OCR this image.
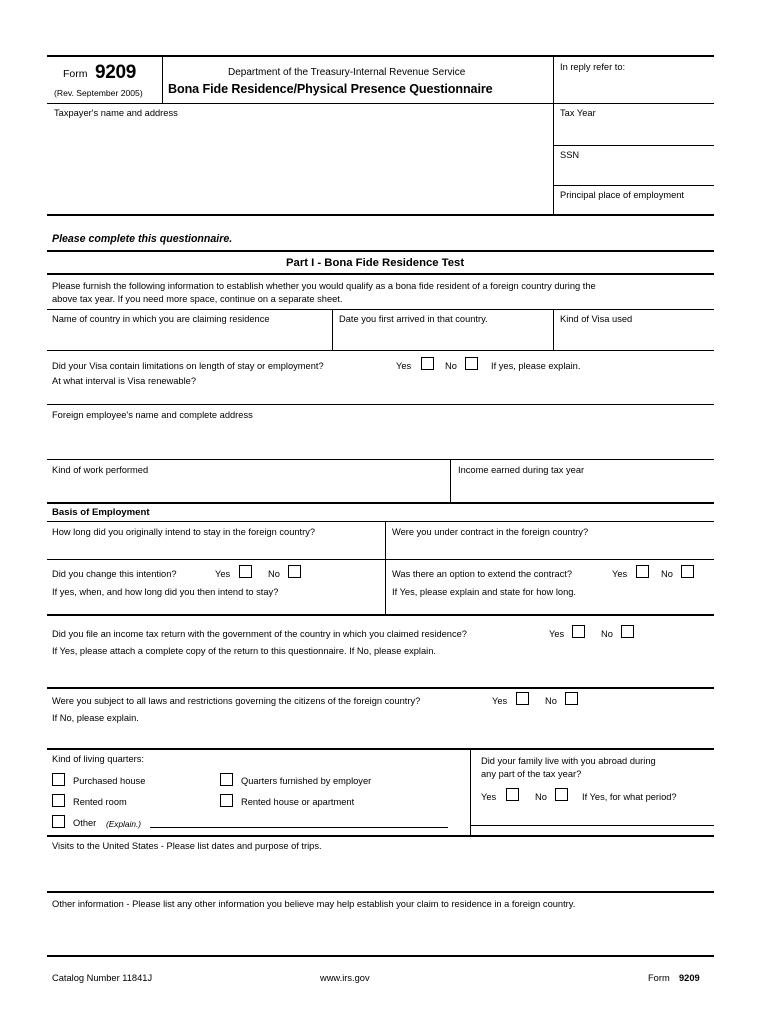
Form 9209
(Rev. September 2005)
Department of the Treasury-Internal Revenue Service
Bona Fide Residence/Physical Presence Questionnaire
In reply refer to:
Tax Year
SSN
Principal place of employment
Taxpayer's name and address
Please complete this questionnaire.
Part I - Bona Fide Residence Test
Please furnish the following information to establish whether you would qualify as a bona fide resident of a foreign country during the
above tax year. If you need more space, continue on a separate sheet.
Name of country in which you are claiming residence	Date you first arrived in that country.	Kind of Visa used
Did your Visa contain limitations on length of stay or employment?	Yes	No	If yes, please explain.
At what interval is Visa renewable?
Foreign employee's name and complete address
Kind of work performed	Income earned during tax year
Basis of Employment
How long did you originally intend to stay in the foreign country?	Were you under contract in the foreign country?
Did you change this intention?	Yes	No
If yes, when, and how long did you then intend to stay?
Was there an option to extend the contract?	Yes	No
If Yes, please explain and state for how long.
Did you file an income tax return with the government of the country in which you claimed residence?	Yes	No
If Yes, please attach a complete copy of the return to this questionnaire. If No, please explain.
Were you subject to all laws and restrictions governing the citizens of the foreign country?	Yes	No
If No, please explain.
Kind of living quarters:
Purchased house
Rented room
Other (Explain.)
Quarters furnished by employer
Rented house or apartment
Did your family live with you abroad during
any part of the tax year?
Yes	No	If Yes, for what period?
Visits to the United States - Please list dates and purpose of trips.
Other information - Please list any other information you believe may help establish your claim to residence in a foreign country.
Catalog Number 11841J	www.irs.gov	Form 9209
